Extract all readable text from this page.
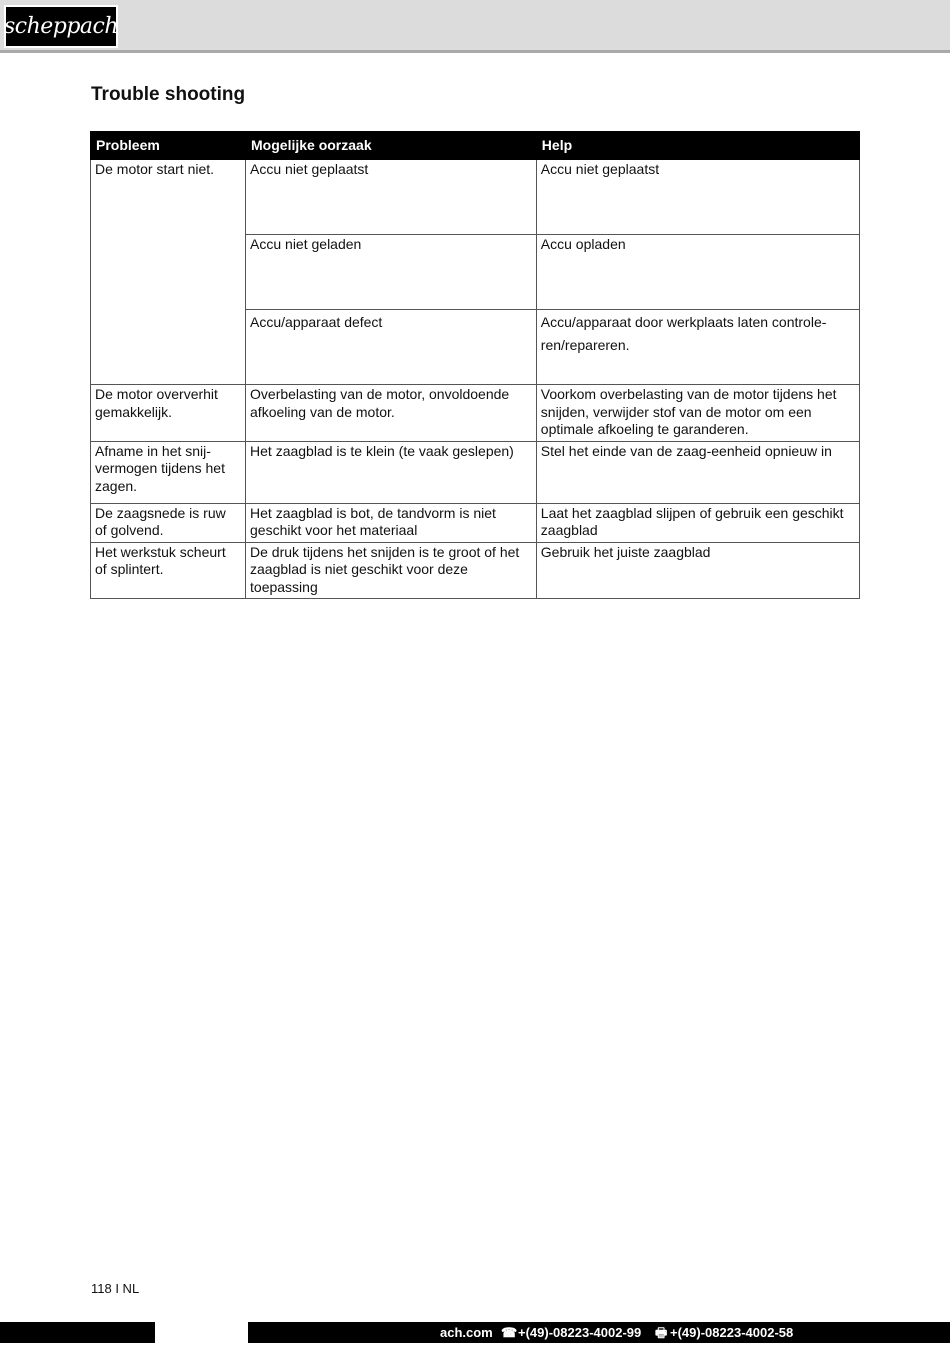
scheppach
Trouble shooting
Probleem	Mogelijke oorzaak	Help
De motor start niet.	Accu niet geplaatst	Accu niet geplaatst
	Accu niet geladen	Accu opladen
	Accu/apparaat defect	Accu/apparaat door werkplaats laten controle-ren/repareren.
De motor oververhit gemakkelijk.	Overbelasting van de motor, onvoldoende afkoeling van de motor.	Voorkom overbelasting van de motor tijdens het snijden, verwijder stof van de motor om een optimale afkoeling te garanderen.
Afname in het snij-vermogen tijdens het zagen.	Het zaagblad is te klein (te vaak geslepen)	Stel het einde van de zaag-eenheid opnieuw in
De zaagsnede is ruw of golvend.	Het zaagblad is bot, de tandvorm is niet geschikt voor het materiaal	Laat het zaagblad slijpen of gebruik een geschikt zaagblad
Het werkstuk scheurt of splintert.	De druk tijdens het snijden is te groot of het zaagblad is niet geschikt voor deze toepassing	Gebruik het juiste zaagblad
118 I NL
ach.com ☎ +(49)-08223-4002-99 🖶 +(49)-08223-4002-58
